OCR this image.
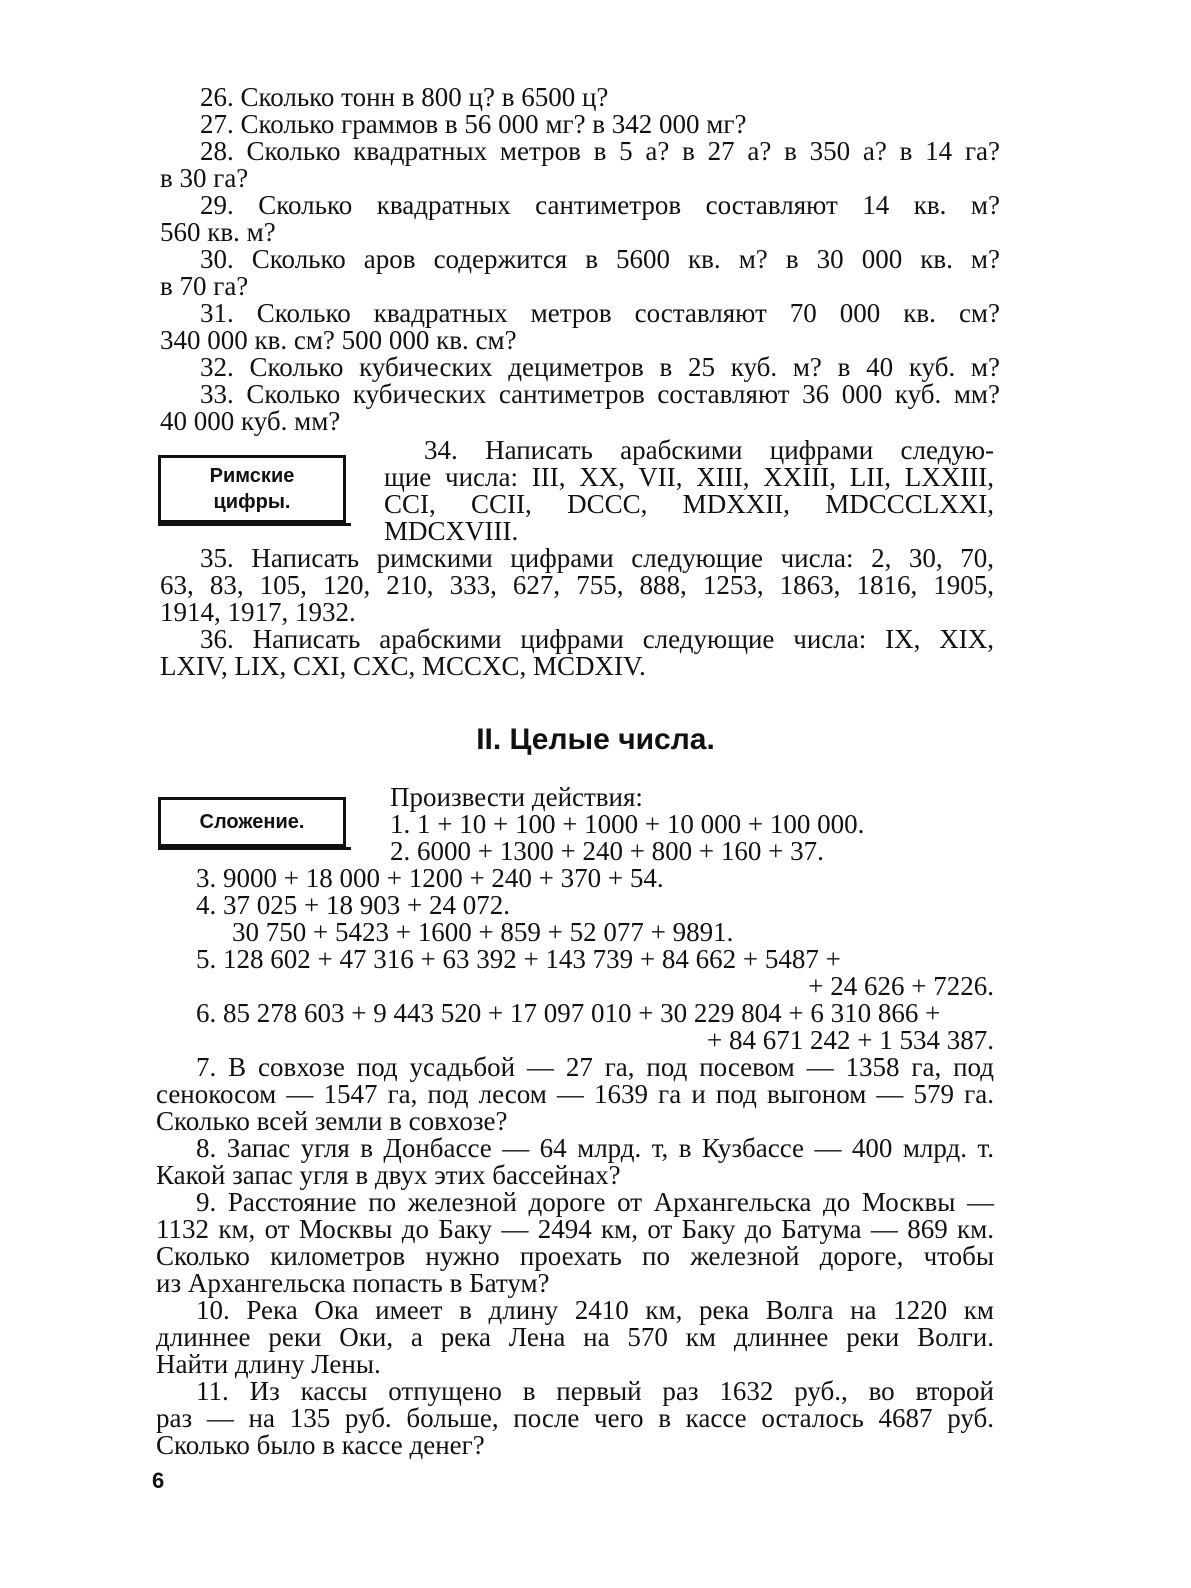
26. Сколько тонн в 800 ц? в 6500 ц?
27. Сколько граммов в 56 000 мг? в 342 000 мг?
28. Сколько квадратных метров в 5 а? в 27 а? в 350 а? в 14 га?
в 30 га?
29. Сколько квадратных сантиметров составляют 14 кв. м?
560 кв. м?
30. Сколько аров содержится в 5600 кв. м? в 30 000 кв. м?
в 70 га?
31. Сколько квадратных метров составляют 70 000 кв. см?
340 000 кв. см? 500 000 кв. см?
32. Сколько кубических дециметров в 25 куб. м? в 40 куб. м?
33. Сколько кубических сантиметров составляют 36 000 куб. мм?
40 000 куб. мм?
Римские
цифры.
34. Написать арабскими цифрами следую-
щие числа: III, XX, VII, XIII, XXIII, LII, LXXIII,
CCI, CCII, DCCC, MDXXII, MDCCCLXXI,
MDCXVIII.
35. Написать римскими цифрами следующие числа: 2, 30, 70,
63, 83, 105, 120, 210, 333, 627, 755, 888, 1253, 1863, 1816, 1905,
1914, 1917, 1932.
36. Написать арабскими цифрами следующие числа: IX, XIX,
LXIV, LIX, CXI, CXC, MCCXC, MCDXIV.
II. Целые числа.
Сложение.
Произвести действия:
1. 1 + 10 + 100 + 1000 + 10 000 + 100 000.
2. 6000 + 1300 + 240 + 800 + 160 + 37.
3. 9000 + 18 000 + 1200 + 240 + 370 + 54.
4. 37 025 + 18 903 + 24 072.
30 750 + 5423 + 1600 + 859 + 52 077 + 9891.
5. 128 602 + 47 316 + 63 392 + 143 739 + 84 662 + 5487 +
+ 24 626 + 7226.
6. 85 278 603 + 9 443 520 + 17 097 010 + 30 229 804 + 6 310 866 +
+ 84 671 242 + 1 534 387.
7. В совхозе под усадьбой — 27 га, под посевом — 1358 га, под
сенокосом — 1547 га, под лесом — 1639 га и под выгоном — 579 га.
Сколько всей земли в совхозе?
8. Запас угля в Донбассе — 64 млрд. т, в Кузбассе — 400 млрд. т.
Какой запас угля в двух этих бассейнах?
9. Расстояние по железной дороге от Архангельска до Москвы —
1132 км, от Москвы до Баку — 2494 км, от Баку до Батума — 869 км.
Сколько километров нужно проехать по железной дороге, чтобы
из Архангельска попасть в Батум?
10. Река Ока имеет в длину 2410 км, река Волга на 1220 км
длиннее реки Оки, а река Лена на 570 км длиннее реки Волги.
Найти длину Лены.
11. Из кассы отпущено в первый раз 1632 руб., во второй
раз — на 135 руб. больше, после чего в кассе осталось 4687 руб.
Сколько было в кассе денег?
6
